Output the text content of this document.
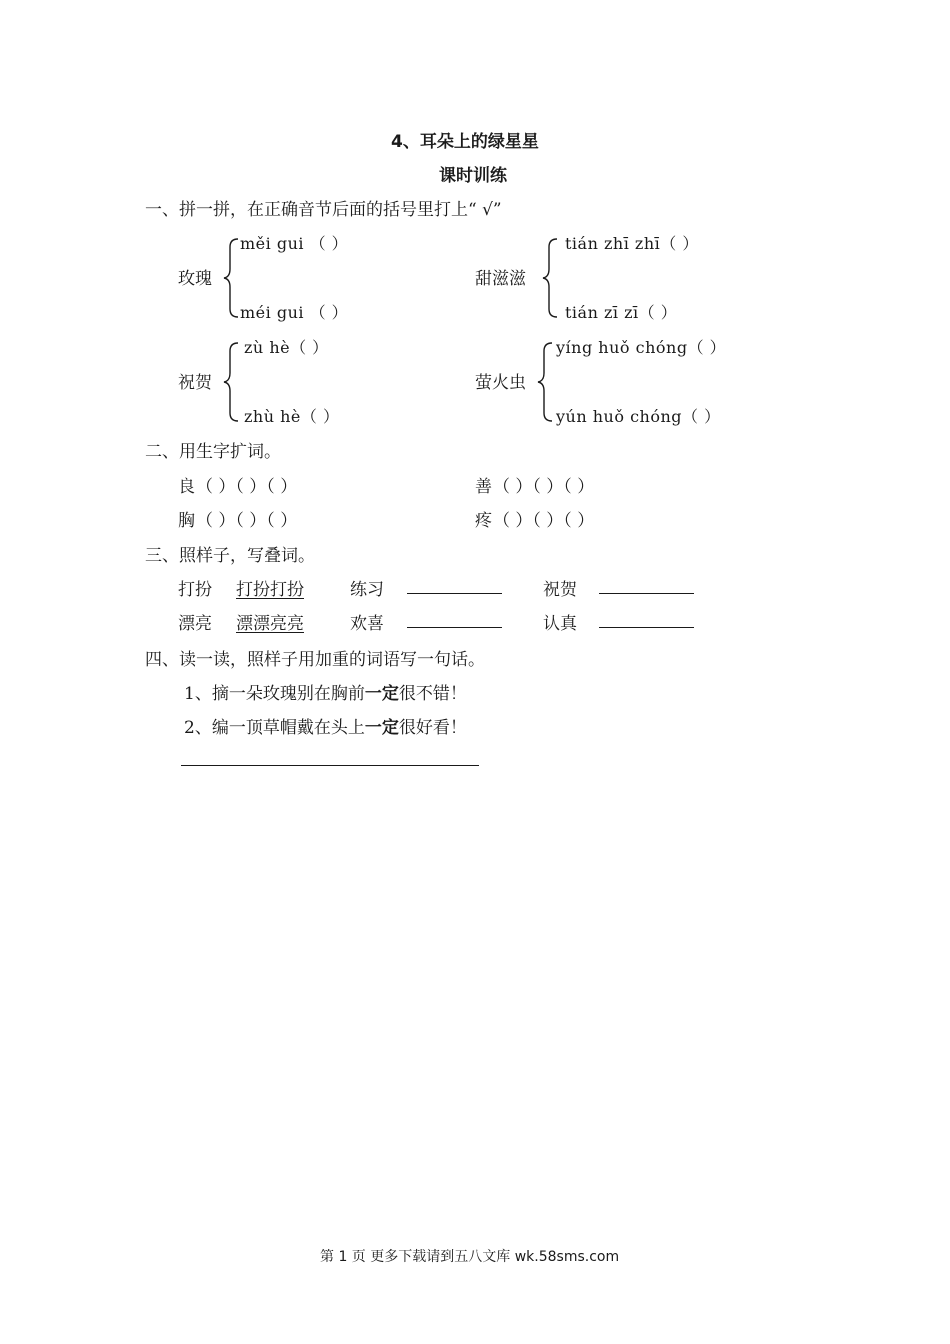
4、耳朵上的绿星星
课时训练
一、拼一拼，在正确音节后面的括号里打上“ √”
玫瑰
měi gui （ ）
méi gui （ ）
甜滋滋
tián zhī zhī（ ）
tián zī zī（ ）
祝贺
zù hè（ ）
zhù hè（ ）
萤火虫
yíng huǒ chóng（ ）
yún huǒ chóng（ ）
二、用生字扩词。
良 （ ）（ ）（ ）	善 （ ）（ ）（ ）
胸 （ ）（ ）（ ）	疼 （ ）（ ）（ ）
三、照样子，写叠词。
打扮 打扮打扮	练习	祝贺
漂亮 漂漂亮亮	欢喜	认真
四、读一读，照样子用加重的词语写一句话。
1、摘一朵玫瑰别在胸前一定很不错！
2、编一顶草帽戴在头上一定很好看！
第 1 页 更多下载请到五八文库 wk.58sms.com
